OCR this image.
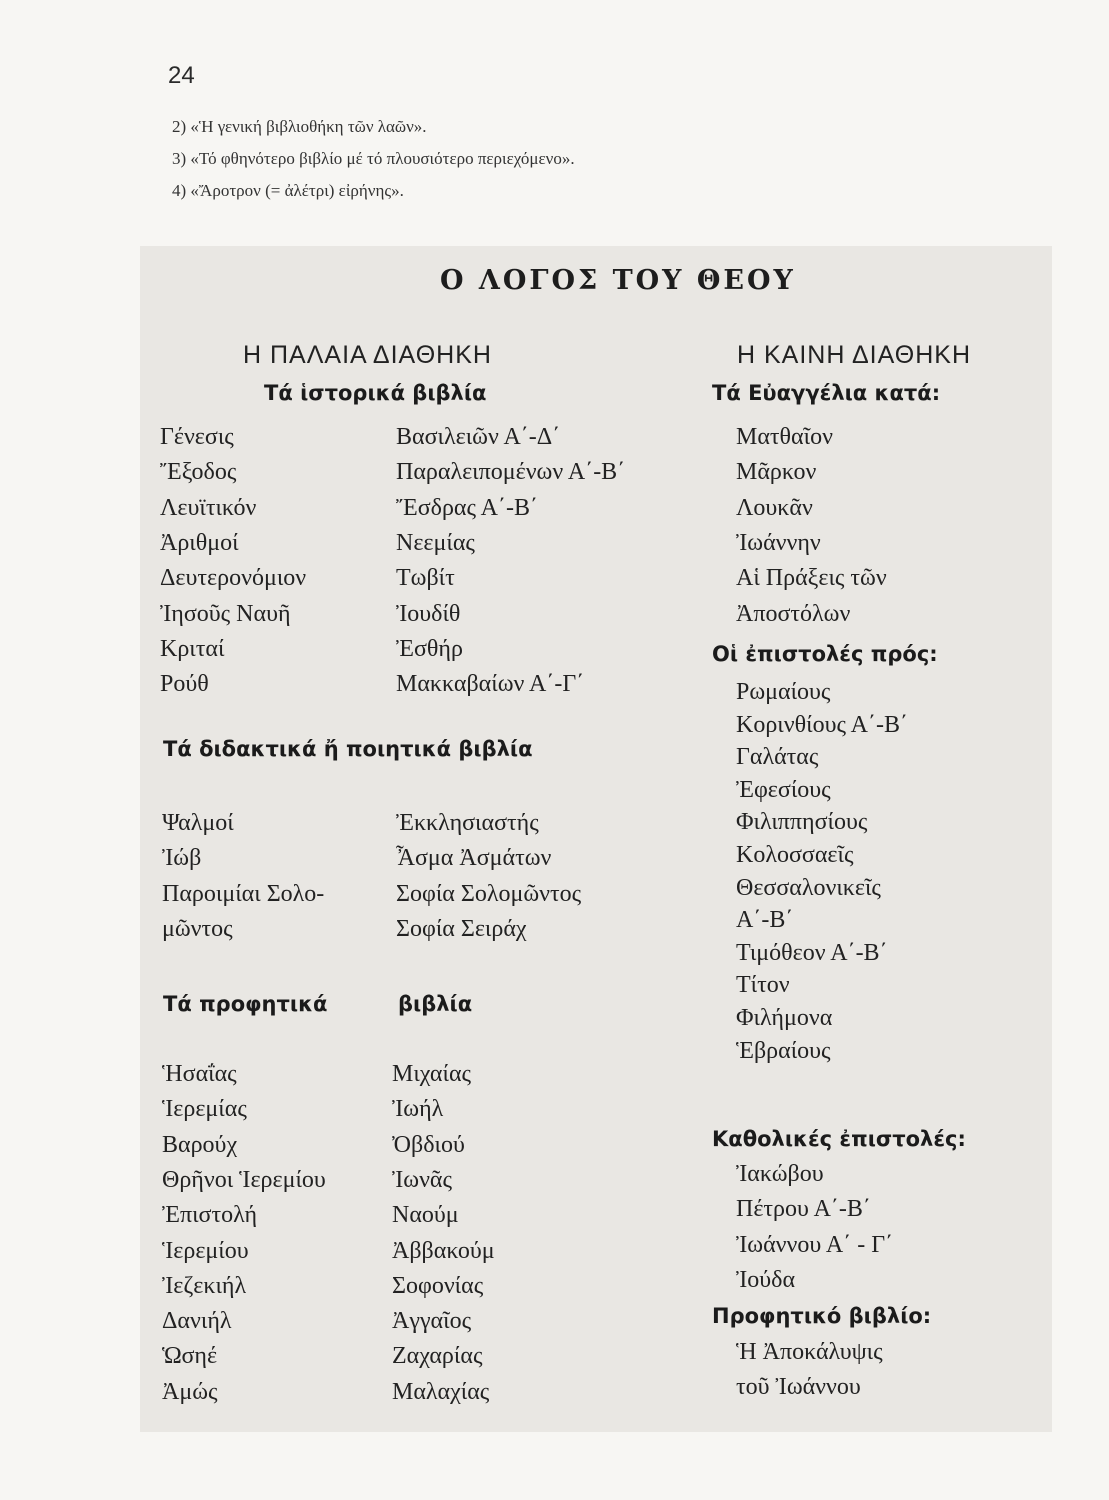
24
2) «Ἡ γενική βιβλιοθήκη τῶν λαῶν».
3) «Τό φθηνότερο βιβλίο μέ τό πλουσιότερο περιεχόμενο».
4) «Ἄροτρον (= ἀλέτρι) εἰρήνης».
Ο ΛΟΓΟΣ ΤΟΥ ΘΕΟΥ
Η ΠΑΛΑΙΑ ΔΙΑΘΗΚΗ	Η ΚΑΙΝΗ ΔΙΑΘΗΚΗ
Τά ἱστορικά βιβλία
Γένεσις
Ἔξοδος
Λευϊτικόν
Ἀριθμοί
Δευτερονόμιον
Ἰησοῦς Ναυῆ
Κριταί
Ρούθ
Βασιλειῶν Α΄-Δ΄
Παραλειπομένων Α΄-Β΄
Ἔσδρας Α΄-Β΄
Νεεμίας
Τωβίτ
Ἰουδίθ
Ἐσθήρ
Μακκαβαίων Α΄-Γ΄
Τά διδακτικά ἤ ποιητικά βιβλία
Ψαλμοί
Ἰώβ
Παροιμίαι Σολο-
μῶντος
Ἐκκλησιαστής
Ἆσμα Ἀσμάτων
Σοφία Σολομῶντος
Σοφία Σειράχ
Τά προφητικά	βιβλία
Ἡσαΐας
Ἱερεμίας
Βαρούχ
Θρῆνοι Ἱερεμίου
Ἐπιστολή
Ἱερεμίου
Ἰεζεκιήλ
Δανιήλ
Ὡσηέ
Ἀμώς
Μιχαίας
Ἰωήλ
Ὀβδιού
Ἰωνᾶς
Ναούμ
Ἀββακούμ
Σοφονίας
Ἀγγαῖος
Ζαχαρίας
Μαλαχίας
Τά Εὐαγγέλια κατά:
Ματθαῖον
Μᾶρκον
Λουκᾶν
Ἰωάννην
Αἱ Πράξεις τῶν
Ἀποστόλων
Οἱ ἐπιστολές πρός:
Ρωμαίους
Κορινθίους Α΄-Β΄
Γαλάτας
Ἐφεσίους
Φιλιππησίους
Κολοσσαεῖς
Θεσσαλονικεῖς
Α΄-Β΄
Τιμόθεον Α΄-Β΄
Τίτον
Φιλήμονα
Ἑβραίους
Καθολικές ἐπιστολές:
Ἰακώβου
Πέτρου Α΄-Β΄
Ἰωάννου Α΄ - Γ΄
Ἰούδα
Προφητικό βιβλίο:
Ἡ Ἀποκάλυψις
τοῦ Ἰωάννου
